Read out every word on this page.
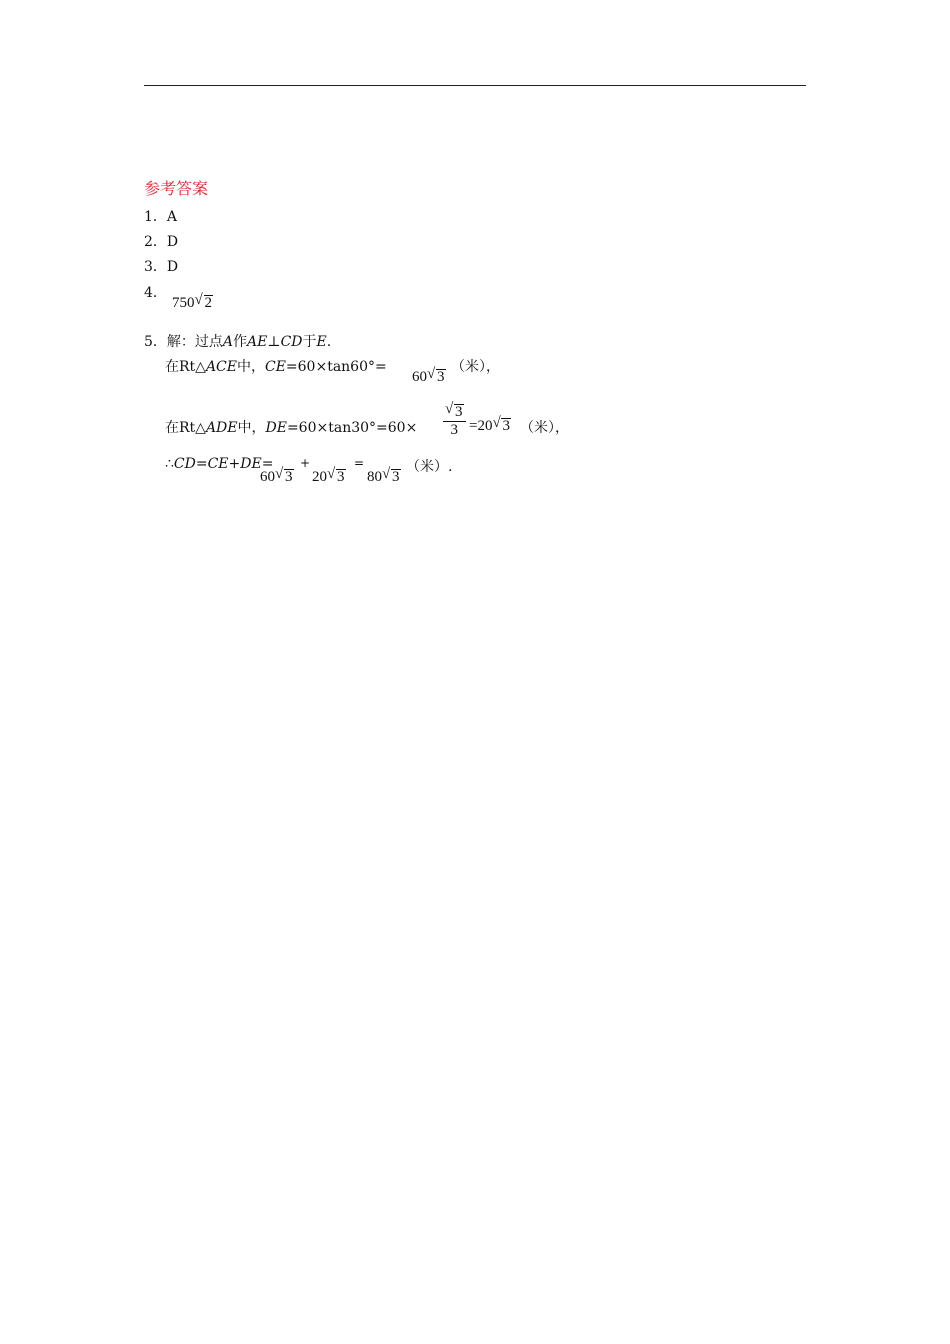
参考答案
1．A
2．D
3．D
4．
750 √ 2
5．解：过点A作AE⊥CD于E.
在Rt△ACE中，CE=60×tan60°=
60 √ 3
（米），
在Rt△ADE中，$DE=60\times\tan 30^\circ=60\times \frac{√ 3}{3} =20$ √ 3 （米），
∴CD=CE+DE=
60 √ 3
+
20 √ 3
=
80 √ 3
（米）.
